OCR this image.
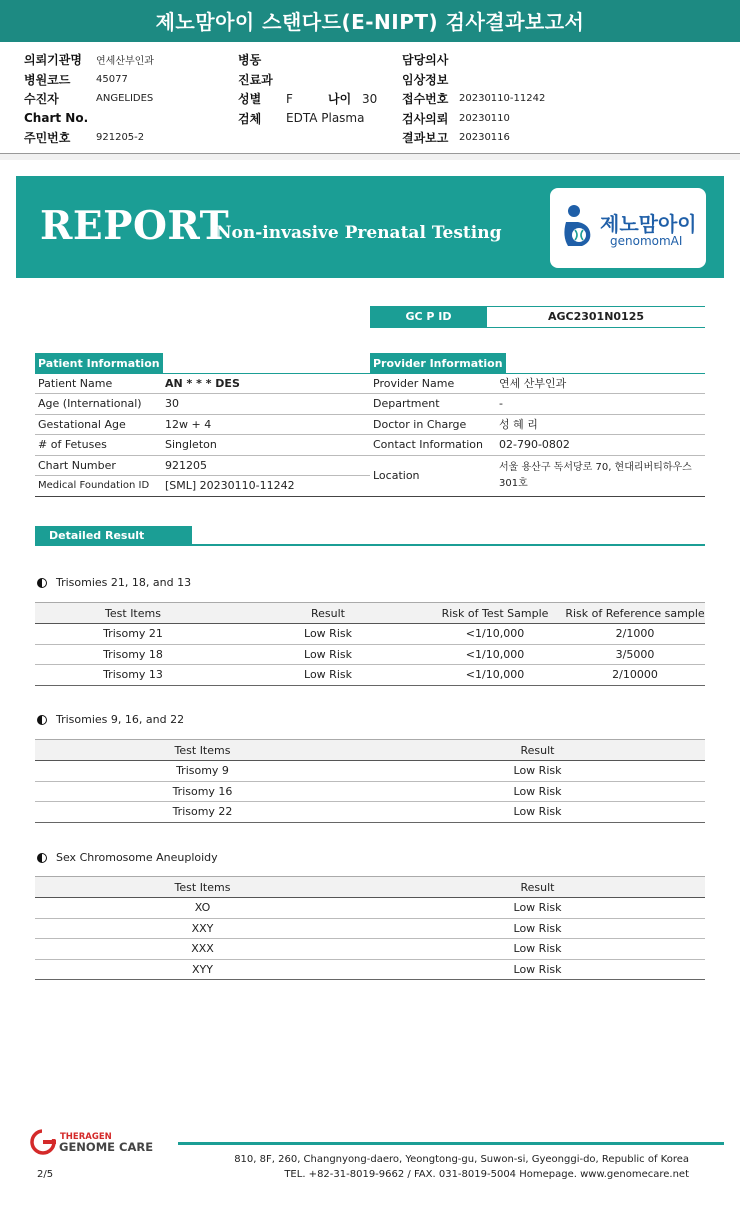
제노맘아이 스탠다드(E-NIPT) 검사결과보고서
의뢰기관명	연세산부인과
병원코드	45077
수진자	ANGELIDES
Chart No.
주민번호	921205-2
병동
진료과
성별	F	나이 30
검체	EDTA Plasma
담당의사
임상정보
접수번호	20230110-11242
검사의뢰	20230110
결과보고	20230116
REPORT
Non-invasive Prenatal Testing	제노맘아이
genomomAI
GC P ID	AGC2301N0125
Patient Information
Patient Name	AN * * * DES
Age (International)	30
Gestational Age	12w + 4
# of Fetuses	Singleton
Chart Number	921205
Medical Foundation ID	[SML] 20230110-11242
Provider Information
Provider Name	연세 산부인과
Department	-
Doctor in Charge	성 혜 리
Contact Information	02-790-0802
Location	서울 용산구 독서당로 70, 현대리버티하우스
301호
Detailed Result
Trisomies 21, 18, and 13
Test Items	Result	Risk of Test Sample	Risk of Reference sample
Trisomy 21	Low Risk	<1/10,000	2/1000
Trisomy 18	Low Risk	<1/10,000	3/5000
Trisomy 13	Low Risk	<1/10,000	2/10000
Trisomies 9, 16, and 22
Test Items	Result
Trisomy 9	Low Risk
Trisomy 16	Low Risk
Trisomy 22	Low Risk
Sex Chromosome Aneuploidy
Test Items	Result
XO	Low Risk
XXY	Low Risk
XXX	Low Risk
XYY	Low Risk
THERAGEN
GENOME CARE
810, 8F, 260, Changnyong-daero, Yeongtong-gu, Suwon-si, Gyeonggi-do, Republic of Korea
TEL. +82-31-8019-9662 / FAX. 031-8019-5004 Homepage. www.genomecare.net
2/5
